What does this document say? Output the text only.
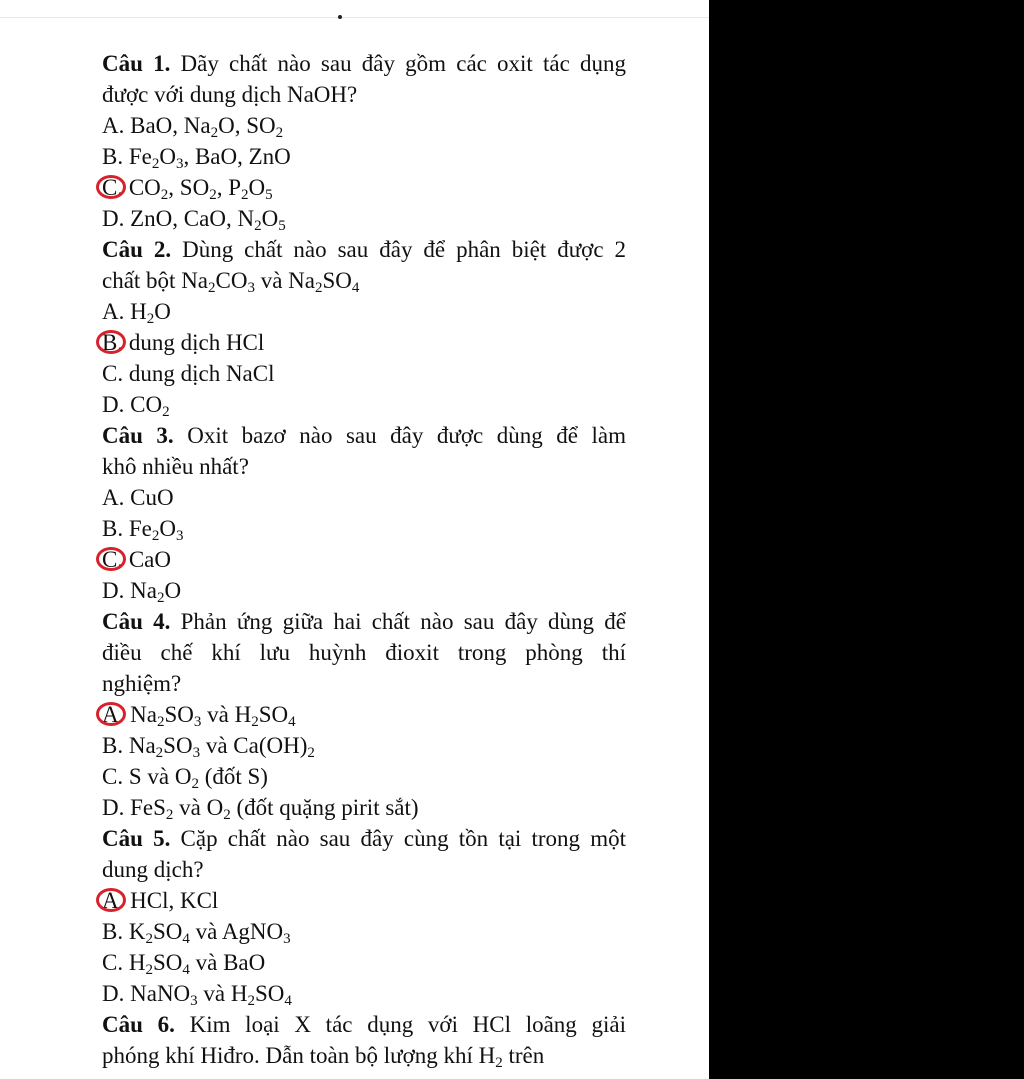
Câu 1. Dãy chất nào sau đây gồm các oxit tác dụng
được với dung dịch NaOH?
A. BaO, $Na_2O$, $SO_2$
B. $Fe_2O_3$, BaO, ZnO
C. $CO_2$, $SO_2$, $P_2O_5$
D. ZnO, CaO, $N_2O_5$
Câu 2. Dùng chất nào sau đây để phân biệt được 2
chất bột $Na_2CO_3$ và $Na_2SO_4$
A. $H_2O$
B. dung dịch HCl
C. dung dịch NaCl
D. $CO_2$
Câu 3. Oxit bazơ nào sau đây được dùng để làm
khô nhiều nhất?
A. CuO
B. $Fe_2O_3$
C. CaO
D. $Na_2O$
Câu 4. Phản ứng giữa hai chất nào sau đây dùng để
điều chế khí lưu huỳnh đioxit trong phòng thí
nghiệm?
A. $Na_2SO_3$ và $H_2SO_4$
B. $Na_2SO_3$ và $Ca(OH)_2$
C. S và $O_2$ (đốt S)
D. FeS$_2$ và $O_2$ (đốt quặng pirit sắt)
Câu 5. Cặp chất nào sau đây cùng tồn tại trong một
dung dịch?
A. HCl, KCl
B. $K_2SO_4$ và AgNO$_3$
C. $H_2SO_4$ và BaO
D. NaNO$_3$ và $H_2SO_4$
Câu 6. Kim loại X tác dụng với HCl loãng giải
phóng khí Hiđro. Dẫn toàn bộ lượng khí $H_2$ trên
